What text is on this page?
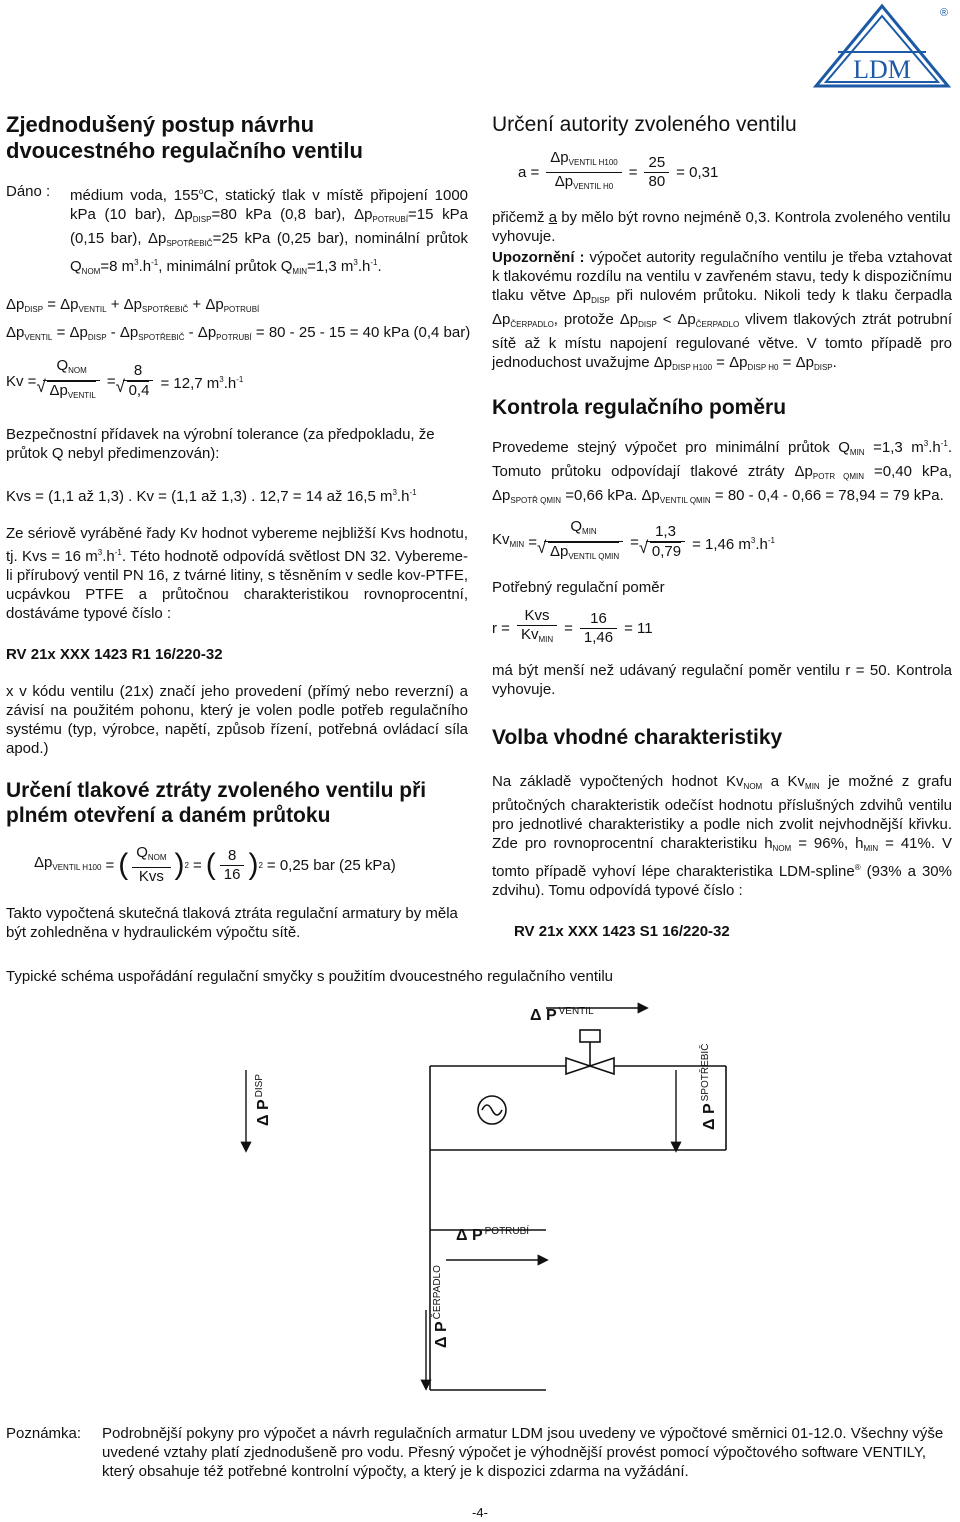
LDM
®
Zjednodušený postup návrhu dvoucestného regulačního ventilu
Dáno :	médium voda, 155$^o$C, statický tlak v místě připojení 1000 kPa (10 bar), $\Delta p_{DISP}=80$ kPa (0,8 bar), $\Delta p_{POTRUBÍ}=15$ kPa (0,15 bar), $\Delta p_{SPOTŘEBIČ}=25$ kPa (0,25 bar), nominální průtok $Q_{NOM}=8$ $m^3.h^{-1}$, minimální průtok $Q_{MIN}=1,3$ $m^3.h^{-1}$.
$\Delta p_{DISP} = \Delta p_{VENTIL} + \Delta p_{SPOTŘEBIČ} + \Delta p_{POTRUBÍ}$
$\Delta p_{VENTIL} = \Delta p_{DISP} - \Delta p_{SPOTŘEBIČ} - \Delta p_{POTRUBÍ} = 80 - 25 - 15 = 40$ kPa (0,4 bar)
$Kv = Q_{NOM}$
√ $\Delta p_{VENTIL} = 8$
√ 0,4 = 12,7 $m^3.h^{-1}$

Bezpečnostní přídavek na výrobní tolerance (za předpokladu, že průtok Q nebyl předimenzován):

Kvs = (1,1 až 1,3) . Kv = (1,1 až 1,3) . 12,7 = 14 až 16,5 $m^3.h^{-1}$

Ze sériově vyráběné řady Kv hodnot vybereme nejbližší Kvs hodnotu, tj. Kvs = 16 $m^3.h^{-1}$. Této hodnotě odpovídá světlost DN 32. Vybereme-li přírubový ventil PN 16, z tvárné litiny, s těsněním v sedle kov-PTFE, ucpávkou PTFE a průtočnou charakteristikou rovnoprocentní, dostáváme typové číslo :

RV 21x XXX 1423 R1 16/220-32

x v kódu ventilu (21x) značí jeho provedení (přímý nebo reverzní) a závisí na použitém pohonu, který je volen podle potřeb regulačního systému (typ, výrobce, napětí, způsob řízení, potřebná ovládací síla apod.)

Určení tlakové ztráty zvoleného ventilu při plném otevření a daném průtoku
$\Delta p_{VENTIL H100}$ = ( $\frac{Q_{NOM}}{\text{Kvs}}$ ) 2 = ( $\frac{8}{16}$ ) 2 = 0,25 bar (25 kPa)

Takto vypočtená skutečná tlaková ztráta regulační armatury by měla být zohledněna v hydraulickém výpočtu sítě.

Určení autority zvoleného ventilu
$a = \frac{\Delta p_{VENTIL H100}}{\Delta p_{VENTIL H0}} = \frac{25}{80} = 0,31$

přičemž a by mělo být rovno nejméně 0,3. Kontrola zvoleného ventilu vyhovuje.

Upozornění : výpočet autority regulačního ventilu je třeba vztahovat k tlakovému rozdílu na ventilu v zavřeném stavu, tedy k dispozičnímu tlaku větve $\Delta p_{DISP}$ při nulovém průtoku. Nikoli tedy k tlaku čerpadla $\Delta p_{ČERPADLO}$, protože $\Delta p_{DISP} < \Delta p_{ČERPADLO}$ vlivem tlakových ztrát potrubní sítě až k místu napojení regulované větve. V tomto případě pro jednoduchost uvažujme $\Delta p_{DISP H100} = \Delta p_{DISP H0} = \Delta p_{DISP}$.

Kontrola regulačního poměru

Provedeme stejný výpočet pro minimální průtok $Q_{MIN} =1,3$ $m^3.h^{-1}$. Tomuto průtoku odpovídají tlakové ztráty $\Delta p_{POTR QMIN} =0,40$ kPa, $\Delta p_{SPOTŘ QMIN} =0,66$ kPa. $\Delta p_{VENTIL QMIN} = 80 - 0,4 - 0,66 = 78,94 = 79$ kPa.

$Kv_{MIN} = Q_{MIN}$
√ $\Delta p_{VENTIL QMIN} = 1,3$
√ 0,79 = 1,46 $m^3.h^{-1}$

Potřebný regulační poměr

$r = \frac{\text{Kvs}}{Kv_{MIN}} = \frac{16}{1,46} = 11$

má být menší než udávaný regulační poměr ventilu r = 50. Kontrola vyhovuje.

Volba vhodné charakteristiky

Na základě vypočtených hodnot $Kv_{NOM}$ a $Kv_{MIN}$ je možné z grafu průtočných charakteristik odečíst hodnotu příslušných zdvihů ventilu pro jednotlivé charakteristiky a podle nich zvolit nejvhodnější křivku. Zde pro rovnoprocentní charakteristiku $h_{NOM} = 96\%$, $h_{MIN} = 41\%$. V tomto případě vyhoví lépe charakteristika LDM-spline® (93% a 30% zdvihu). Tomu odpovídá typové číslo :

RV 21x XXX 1423 S1 16/220-32

Typické schéma uspořádání regulační smyčky s použitím dvoucestného regulačního ventilu
Δ P $^{VENTIL}$
Δ $P^{DISP}$
Δ $P^{SPOTŘEBIČ}$
Δ P $^{POTRUBÍ}$
Δ $P^{ČERPADLO}$
Poznámka:	Podrobnější pokyny pro výpočet a návrh regulačních armatur LDM jsou uvedeny ve výpočtové směrnici 01-12.0. Všechny výše uvedené vztahy platí zjednodušeně pro vodu. Přesný výpočet je výhodnější provést pomocí výpočtového software VENTILY, který obsahuje též potřebné kontrolní výpočty, a který je k dispozici zdarma na vyžádání.
-4-
